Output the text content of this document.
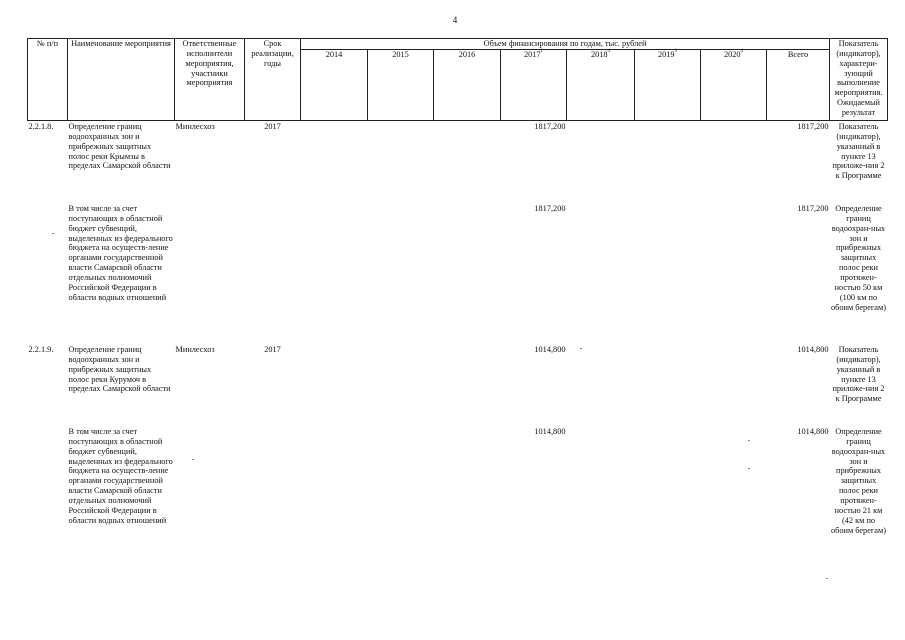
4
№ п/п	Наименование мероприятия	Ответственные исполнители мероприятия, участники мероприятия	Срок реализации, годы	Объем финансирования по годам, тыс. рублей								Показатель (индикатор), характери-зующий выполнение мероприятия. Ожидаемый результат
				2014	2015	2016	2017$^1$	2018$^4$	2019$^3$	2020$^4$	Всего	
2.2.1.8.	Определение границ водоохранных зон и прибрежных защитных полос реки Крымзы в пределах Самарской области	Минлесхоз	2017				1817,200				1817,200	Показатель (индикатор), указанный в пункте 13 приложе-ния 2 к Программе
	В том числе за счет поступающих в областной бюджет субвенций, выделенных из федерального бюджета на осуществ-ление органами государственной власти Самарской области отдельных полномочий Российской Федерации в области водных отношений						1817,200				1817,200	Определение границ водоохран-ных зон и прибрежных защитных полос реки протяжен-ностью 50 км (100 км по обоим берегам)
2.2.1.9.	Определение границ водоохранных зон и прибрежных защитных полос реки Курумоч в пределах Самарской области	Минлесхоз	2017				1014,800				1014,800	Показатель (индикатор), указанный в пункте 13 приложе-ния 2 к Программе
	В том числе за счет поступающих в областной бюджет субвенций, выделенных из федерального бюджета на осуществ-ление органами государственной власти Самарской области отдельных полномочий Российской Федерации в области водных отношений						1014,800				1014,800	Определение границ водоохран-ных зон и прибрежных защитных полос реки протяжен-ностью 21 км (42 км по обоим берегам)
